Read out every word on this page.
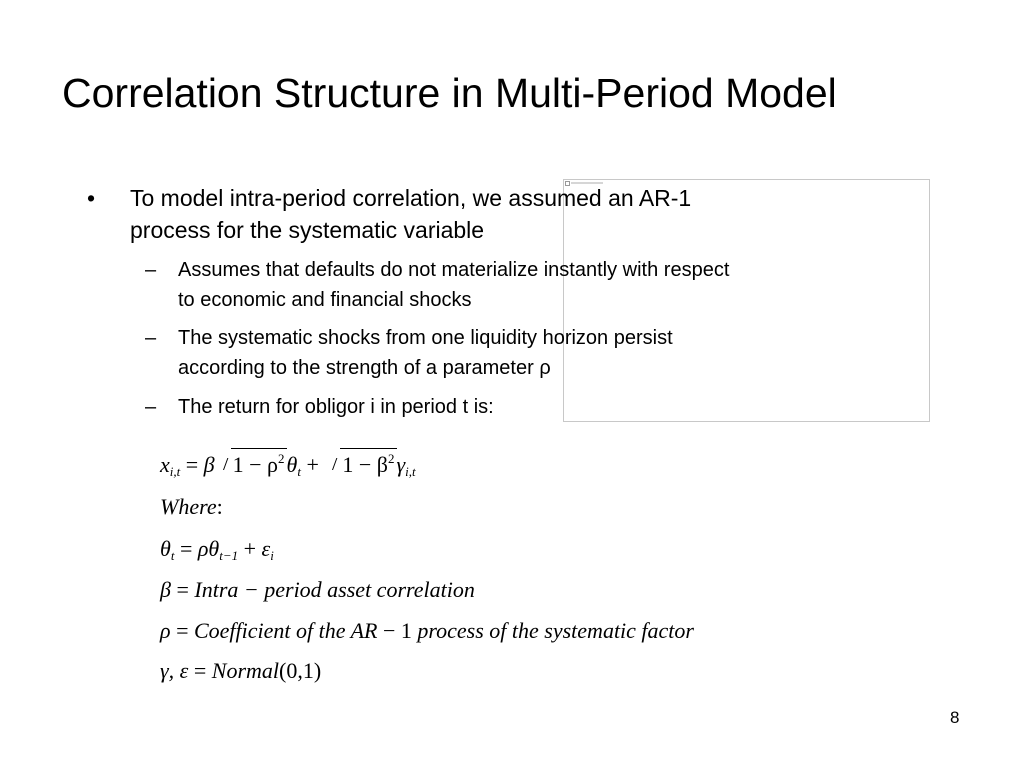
Correlation Structure in Multi-Period Model
• To model intra-period correlation, we assumed an AR-1
process for the systematic variable
– Assumes that defaults do not materialize instantly with respect
to economic and financial shocks
– The systematic shocks from one liquidity horizon persist
according to the strength of a parameter ρ
– The return for obligor i in period t is:
$x_{i,t} = \beta$ $1 - \rho^2\theta_t + 1 - \beta^2\gamma_{i,t}$
Where:
$\theta_t = \rho\theta_{t-1} + \varepsilon_i$
β = Intra − period asset correlation
ρ = Coefficient of the AR − 1 process of the systematic factor
γ, ε = Normal(0,1)
8
